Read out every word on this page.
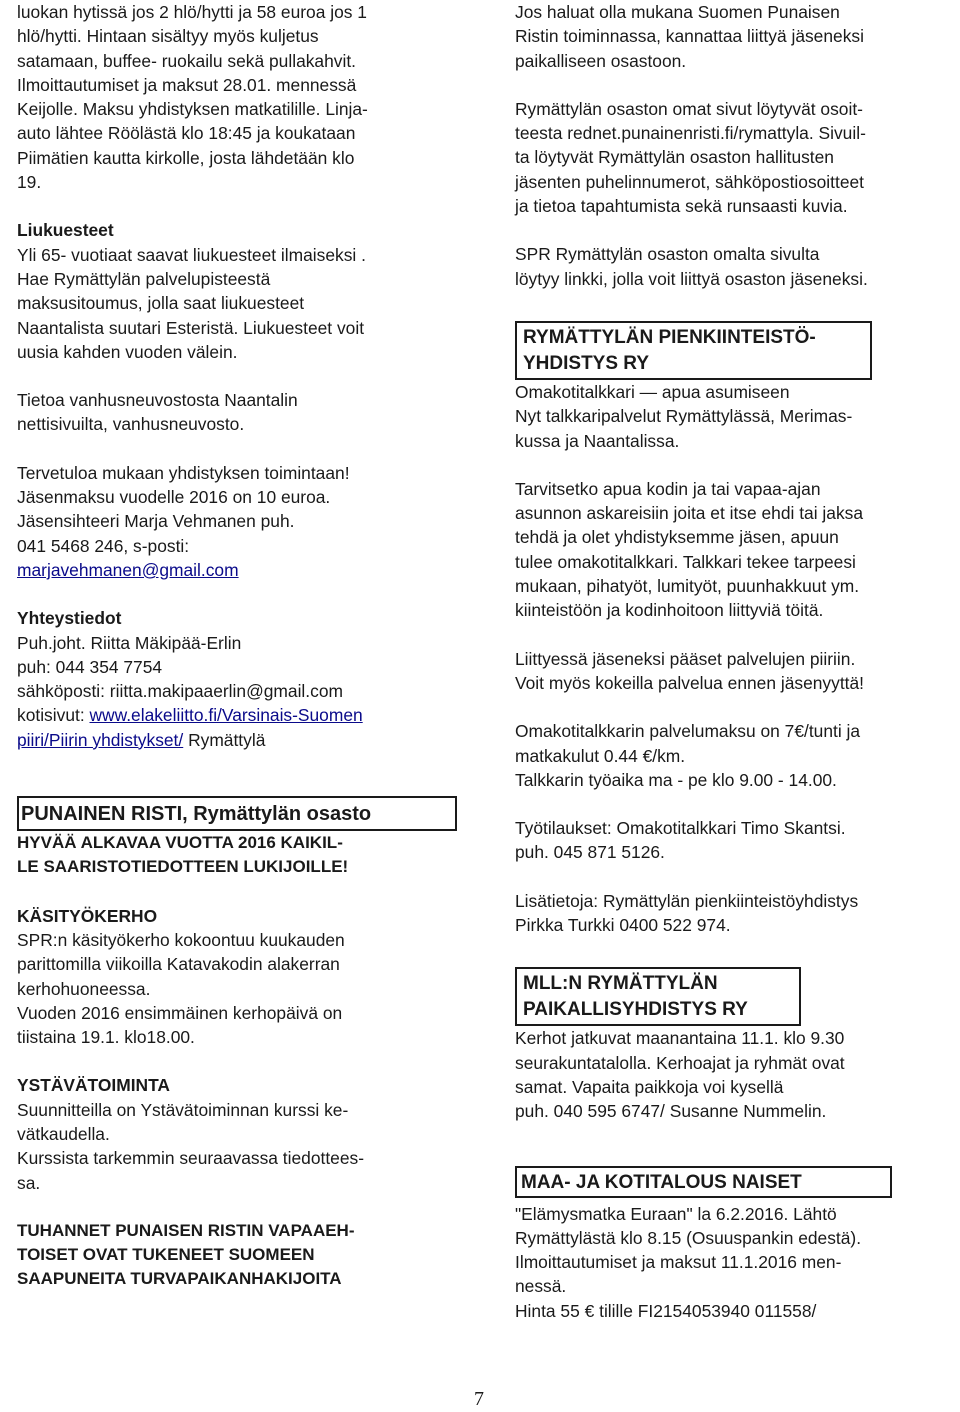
luokan hytissä jos 2 hlö/hytti ja 58 euroa jos 1
hlö/hytti. Hintaan sisältyy myös kuljetus
satamaan, buffee- ruokailu sekä pullakahvit.
Ilmoittautumiset ja maksut 28.01. mennessä
Keijolle. Maksu yhdistyksen matkatilille. Linja-
auto lähtee Röölästä klo 18:45 ja koukataan
Piimätien kautta kirkolle, josta lähdetään klo
19.
Liukuesteet
Yli 65- vuotiaat saavat liukuesteet ilmaiseksi .
Hae Rymättylän palvelupisteestä
maksusitoumus, jolla saat liukuesteet
Naantalista suutari Esteristä. Liukuesteet voit
uusia kahden vuoden välein.
Tietoa vanhusneuvostosta Naantalin
nettisivuilta, vanhusneuvosto.
Tervetuloa mukaan yhdistyksen toimintaan!
Jäsenmaksu vuodelle 2016 on 10 euroa.
Jäsensihteeri Marja Vehmanen puh.
041 5468 246, s-posti:
marjavehmanen@gmail.com
Yhteystiedot
Puh.joht. Riitta Mäkipää-Erlin
puh: 044 354 7754
sähköposti: riitta.makipaaerlin@gmail.com
kotisivut: www.elakeliitto.fi/Varsinais-Suomen
piiri/Piirin yhdistykset/ Rymättylä
PUNAINEN RISTI, Rymättylän osasto
HYVÄÄ ALKAVAA VUOTTA 2016 KAIKIL-
LE SAARISTOTIEDOTTEEN LUKIJOILLE!
KÄSITYÖKERHO
SPR:n käsityökerho kokoontuu kuukauden
parittomilla viikoilla Katavakodin alakerran
kerhohuoneessa.
Vuoden 2016 ensimmäinen kerhopäivä on
tiistaina 19.1. klo18.00.
YSTÄVÄTOIMINTA
Suunnitteilla on Ystävätoiminnan kurssi ke-
vätkaudella.
Kurssista tarkemmin seuraavassa tiedottees-
sa.
TUHANNET PUNAISEN RISTIN VAPAAEH-
TOISET OVAT TUKENEET SUOMEEN
SAAPUNEITA TURVAPAIKANHAKIJOITA
Jos haluat olla mukana Suomen Punaisen
Ristin toiminnassa, kannattaa liittyä jäseneksi
paikalliseen osastoon.
Rymättylän osaston omat sivut löytyvät osoit-
teesta rednet.punainenristi.fi/rymattyla. Sivuil-
ta löytyvät Rymättylän osaston hallitusten
jäsenten puhelinnumerot, sähköpostiosoitteet
ja tietoa tapahtumista sekä runsaasti kuvia.
SPR Rymättylän osaston omalta sivulta
löytyy linkki, jolla voit liittyä osaston jäseneksi.
RYMÄTTYLÄN PIENKIINTEISTÖ-
YHDISTYS RY
Omakotitalkkari — apua asumiseen
Nyt talkkaripalvelut Rymättylässä, Merimas-
kussa ja Naantalissa.
Tarvitsetko apua kodin ja tai vapaa-ajan
asunnon askareisiin joita et itse ehdi tai jaksa
tehdä ja olet yhdistyksemme jäsen, apuun
tulee omakotitalkkari. Talkkari tekee tarpeesi
mukaan, pihatyöt, lumityöt, puunhakkuut ym.
kiinteistöön ja kodinhoitoon liittyviä töitä.
Liittyessä jäseneksi pääset palvelujen piiriin.
Voit myös kokeilla palvelua ennen jäsenyyttä!
Omakotitalkkarin palvelumaksu on 7€/tunti ja
matkakulut 0.44 €/km.
Talkkarin työaika ma - pe klo 9.00 - 14.00.
Työtilaukset: Omakotitalkkari Timo Skantsi.
puh. 045 871 5126.
Lisätietoja: Rymättylän pienkiinteistöyhdistys
Pirkka Turkki 0400 522 974.
MLL:N RYMÄTTYLÄN
PAIKALLISYHDISTYS RY
Kerhot jatkuvat maanantaina 11.1. klo 9.30
seurakuntatalolla. Kerhoajat ja ryhmät ovat
samat. Vapaita paikkoja voi kysellä
puh. 040 595 6747/ Susanne Nummelin.
MAA- JA KOTITALOUS NAISET
"Elämysmatka Euraan" la 6.2.2016. Lähtö
Rymättylästä klo 8.15 (Osuuspankin edestä).
Ilmoittautumiset ja maksut 11.1.2016 men-
nessä.
Hinta 55 € tilille FI2154053940 011558/
7
